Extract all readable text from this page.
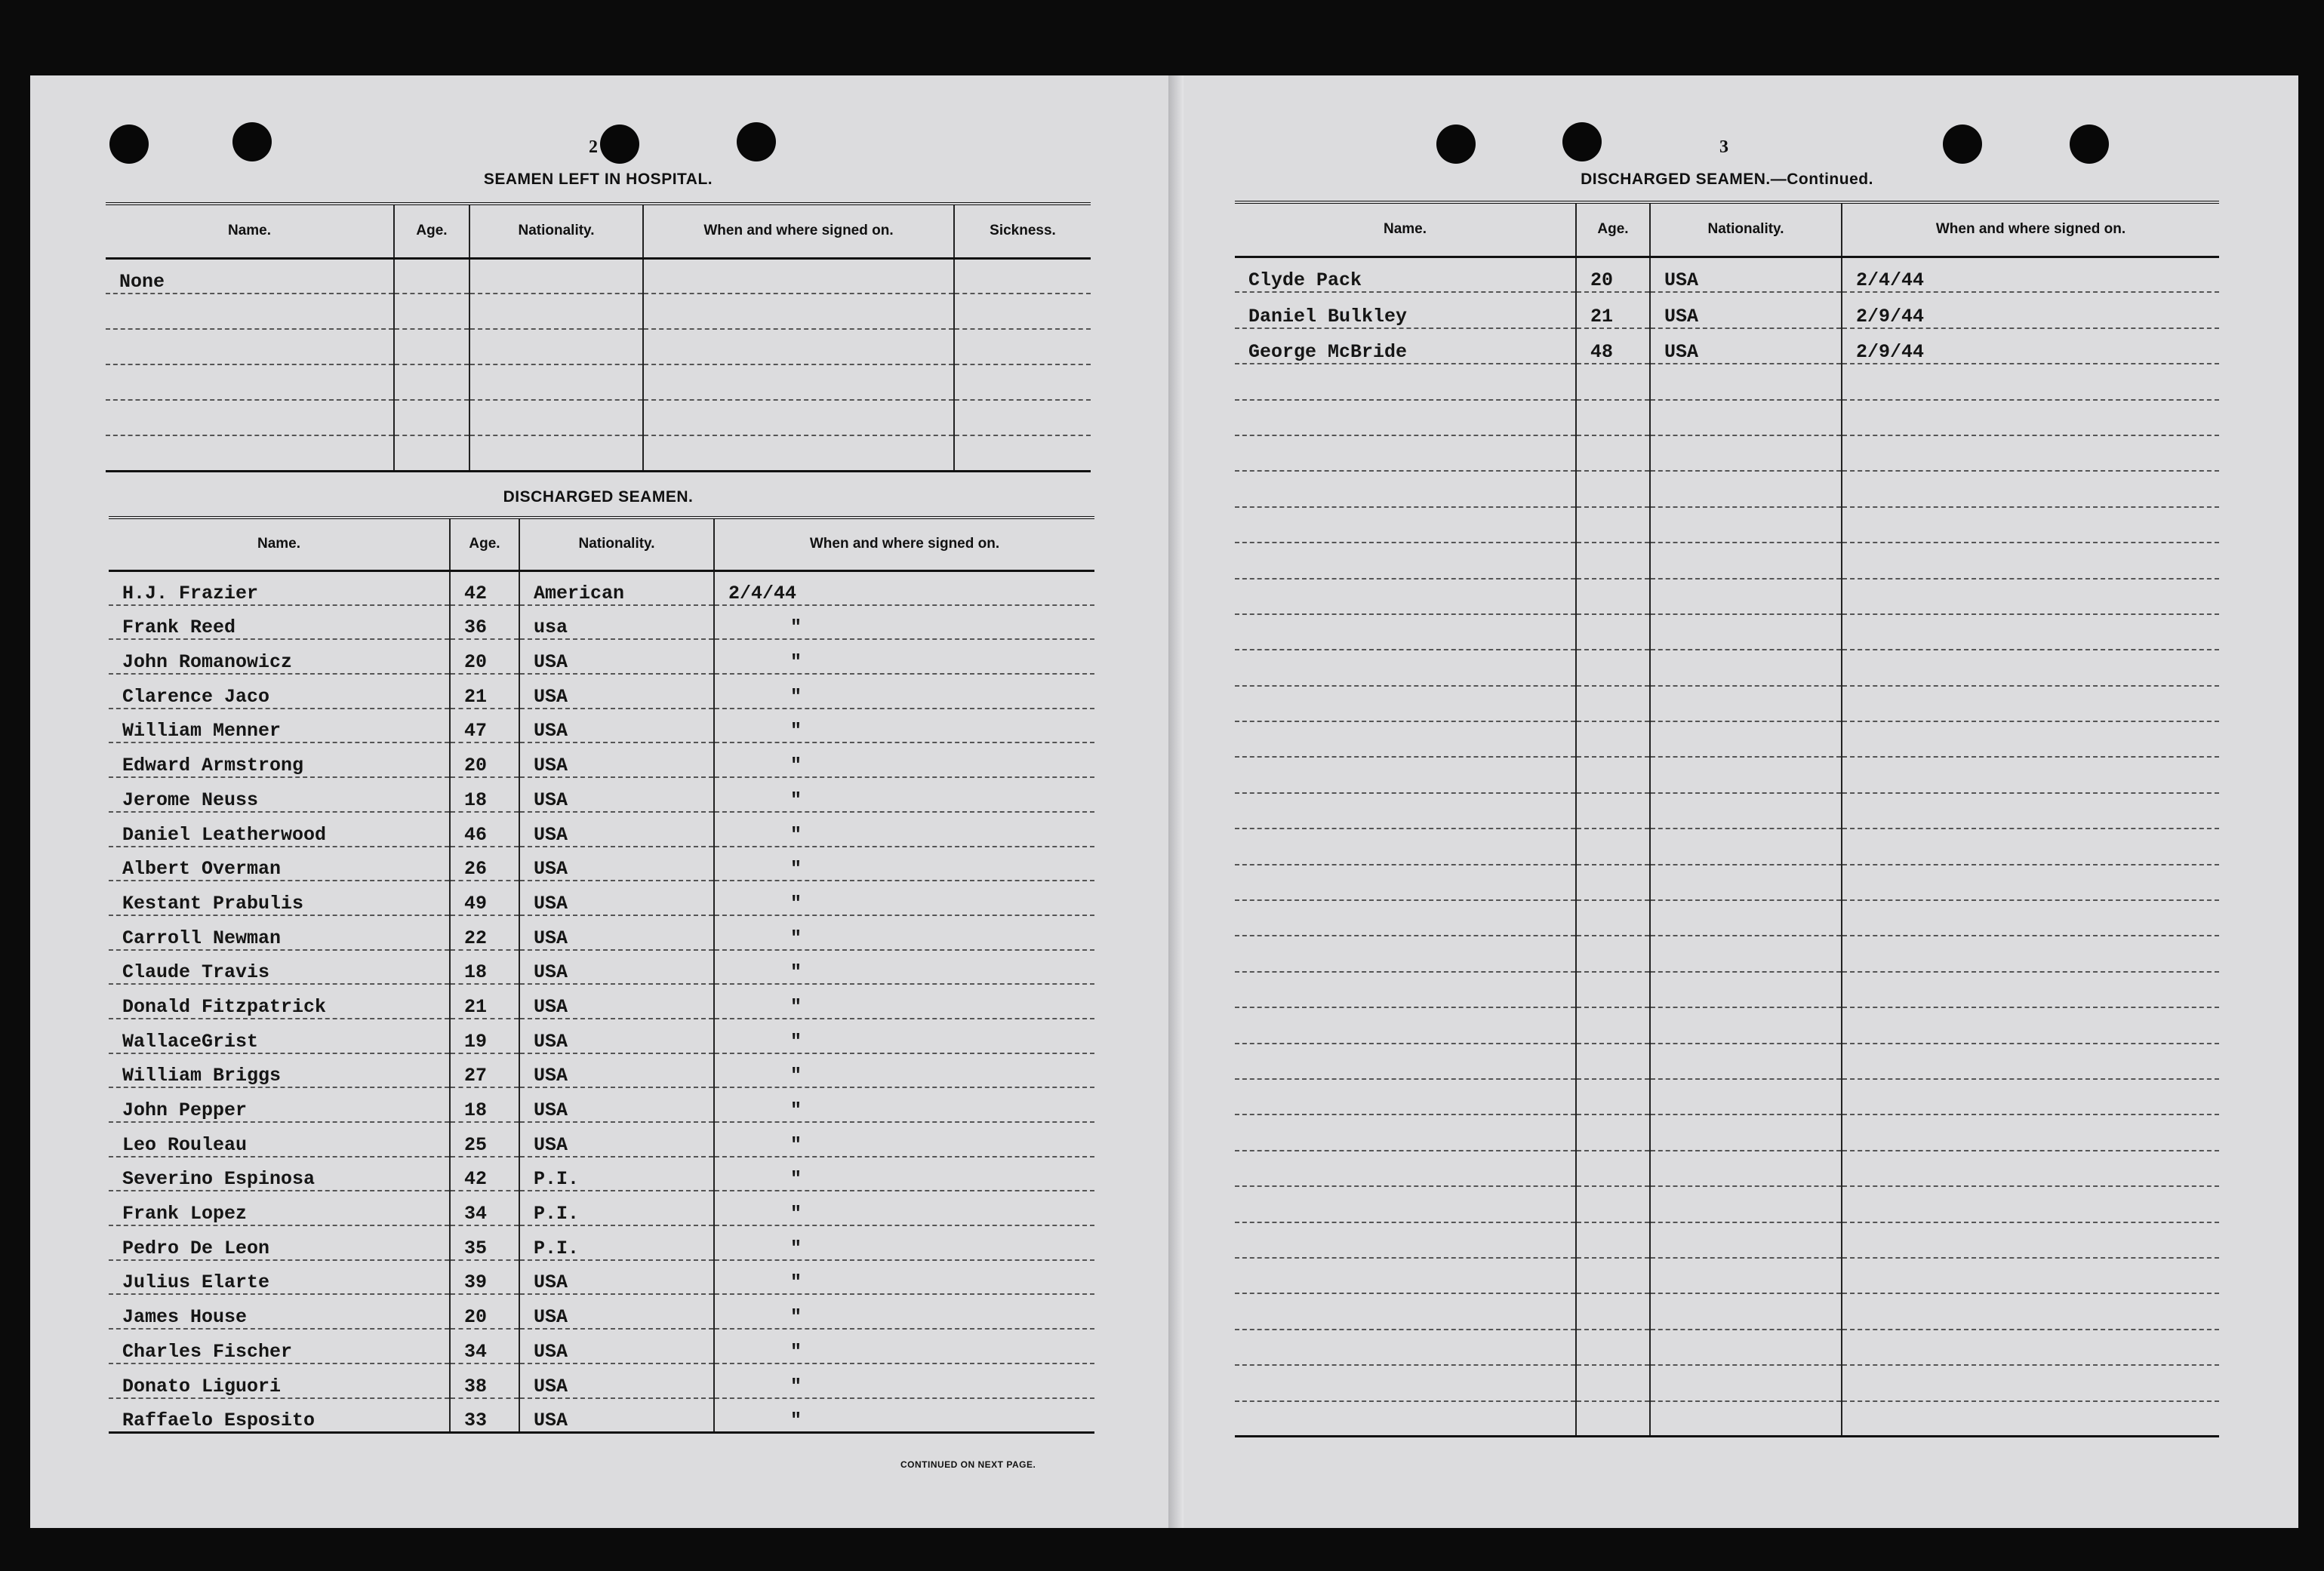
2
SEAMEN LEFT IN HOSPITAL.
Name.	Age.	Nationality.	When and where signed on.	Sickness.
None				

DISCHARGED SEAMEN.
Name.	Age.	Nationality.	When and where signed on.
H.J. Frazier	42	American	2/4/44
Frank Reed	36	usa	"
John Romanowicz	20	USA	"
Clarence Jaco	21	USA	"
William Menner	47	USA	"
Edward Armstrong	20	USA	"
Jerome Neuss	18	USA	"
Daniel Leatherwood	46	USA	"
Albert Overman	26	USA	"
Kestant Prabulis	49	USA	"
Carroll Newman	22	USA	"
Claude Travis	18	USA	"
Donald Fitzpatrick	21	USA	"
WallaceGrist	19	USA	"
William Briggs	27	USA	"
John Pepper	18	USA	"
Leo Rouleau	25	USA	"
Severino Espinosa	42	P.I.	"
Frank Lopez	34	P.I.	"
Pedro De Leon	35	P.I.	"
Julius Elarte	39	USA	"
James House	20	USA	"
Charles Fischer	34	USA	"
Donato Liguori	38	USA	"
Raffaelo Esposito	33	USA	"
CONTINUED ON NEXT PAGE.
3
DISCHARGED SEAMEN.—Continued.
Name.	Age.	Nationality.	When and where signed on.
Clyde Pack	20	USA	2/4/44
Daniel Bulkley	21	USA	2/9/44
George McBride	48	USA	2/9/44
